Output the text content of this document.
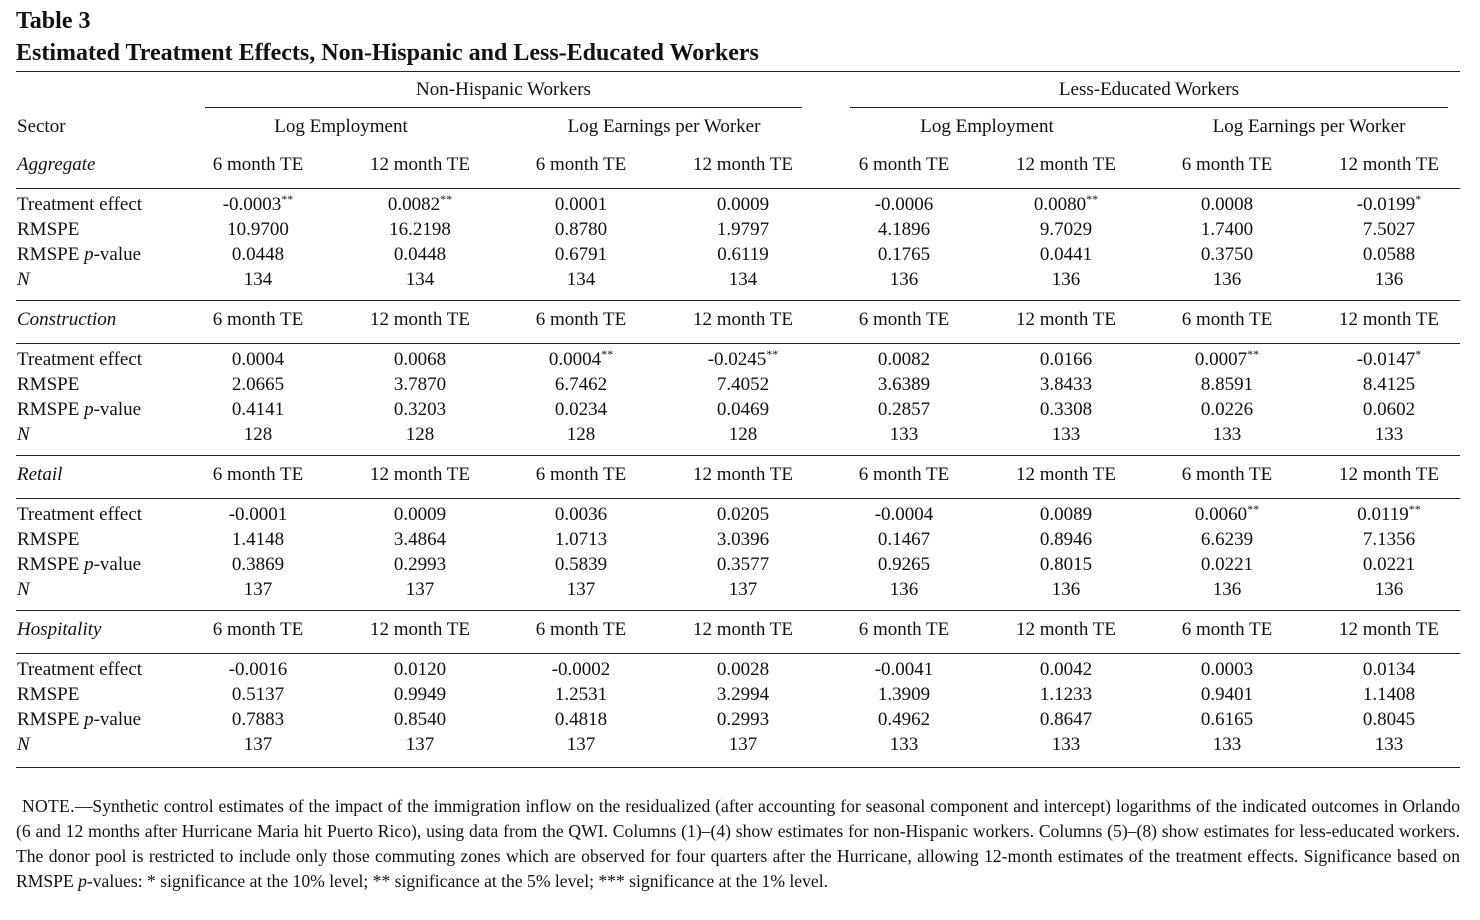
Table 3
Estimated Treatment Effects, Non-Hispanic and Less-Educated Workers
Non-Hispanic Workers	Less-Educated Workers
Sector	Log Employment	Log Earnings per Worker	Log Employment	Log Earnings per Worker
Aggregate	6 month TE	12 month TE	6 month TE	12 month TE	6 month TE	12 month TE	6 month TE	12 month TE
Treatment effect	-0.0003**	0.0082**	0.0001	0.0009	-0.0006	0.0080**	0.0008	-0.0199*
RMSPE	10.9700	16.2198	0.8780	1.9797	4.1896	9.7029	1.7400	7.5027
RMSPE p-value	0.0448	0.0448	0.6791	0.6119	0.1765	0.0441	0.3750	0.0588
N	134	134	134	134	136	136	136	136
Construction	6 month TE	12 month TE	6 month TE	12 month TE	6 month TE	12 month TE	6 month TE	12 month TE
Treatment effect	0.0004	0.0068	0.0004**	-0.0245**	0.0082	0.0166	0.0007**	-0.0147*
RMSPE	2.0665	3.7870	6.7462	7.4052	3.6389	3.8433	8.8591	8.4125
RMSPE p-value	0.4141	0.3203	0.0234	0.0469	0.2857	0.3308	0.0226	0.0602
N	128	128	128	128	133	133	133	133
Retail	6 month TE	12 month TE	6 month TE	12 month TE	6 month TE	12 month TE	6 month TE	12 month TE
Treatment effect	-0.0001	0.0009	0.0036	0.0205	-0.0004	0.0089	0.0060**	0.0119**
RMSPE	1.4148	3.4864	1.0713	3.0396	0.1467	0.8946	6.6239	7.1356
RMSPE p-value	0.3869	0.2993	0.5839	0.3577	0.9265	0.8015	0.0221	0.0221
N	137	137	137	137	136	136	136	136
Hospitality	6 month TE	12 month TE	6 month TE	12 month TE	6 month TE	12 month TE	6 month TE	12 month TE
Treatment effect	-0.0016	0.0120	-0.0002	0.0028	-0.0041	0.0042	0.0003	0.0134
RMSPE	0.5137	0.9949	1.2531	3.2994	1.3909	1.1233	0.9401	1.1408
RMSPE p-value	0.7883	0.8540	0.4818	0.2993	0.4962	0.8647	0.6165	0.8045
N	137	137	137	137	133	133	133	133
NOTE.—Synthetic control estimates of the impact of the immigration inflow on the residualized (after accounting for seasonal component and intercept) logarithms of the indicated outcomes in Orlando (6 and 12 months after Hurricane Maria hit Puerto Rico), using data from the QWI. Columns (1)–(4) show estimates for non-Hispanic workers. Columns (5)–(8) show estimates for less-educated workers. The donor pool is restricted to include only those commuting zones which are observed for four quarters after the Hurricane, allowing 12-month estimates of the treatment effects. Significance based on RMSPE p-values: * significance at the 10% level; ** significance at the 5% level; *** significance at the 1% level.
